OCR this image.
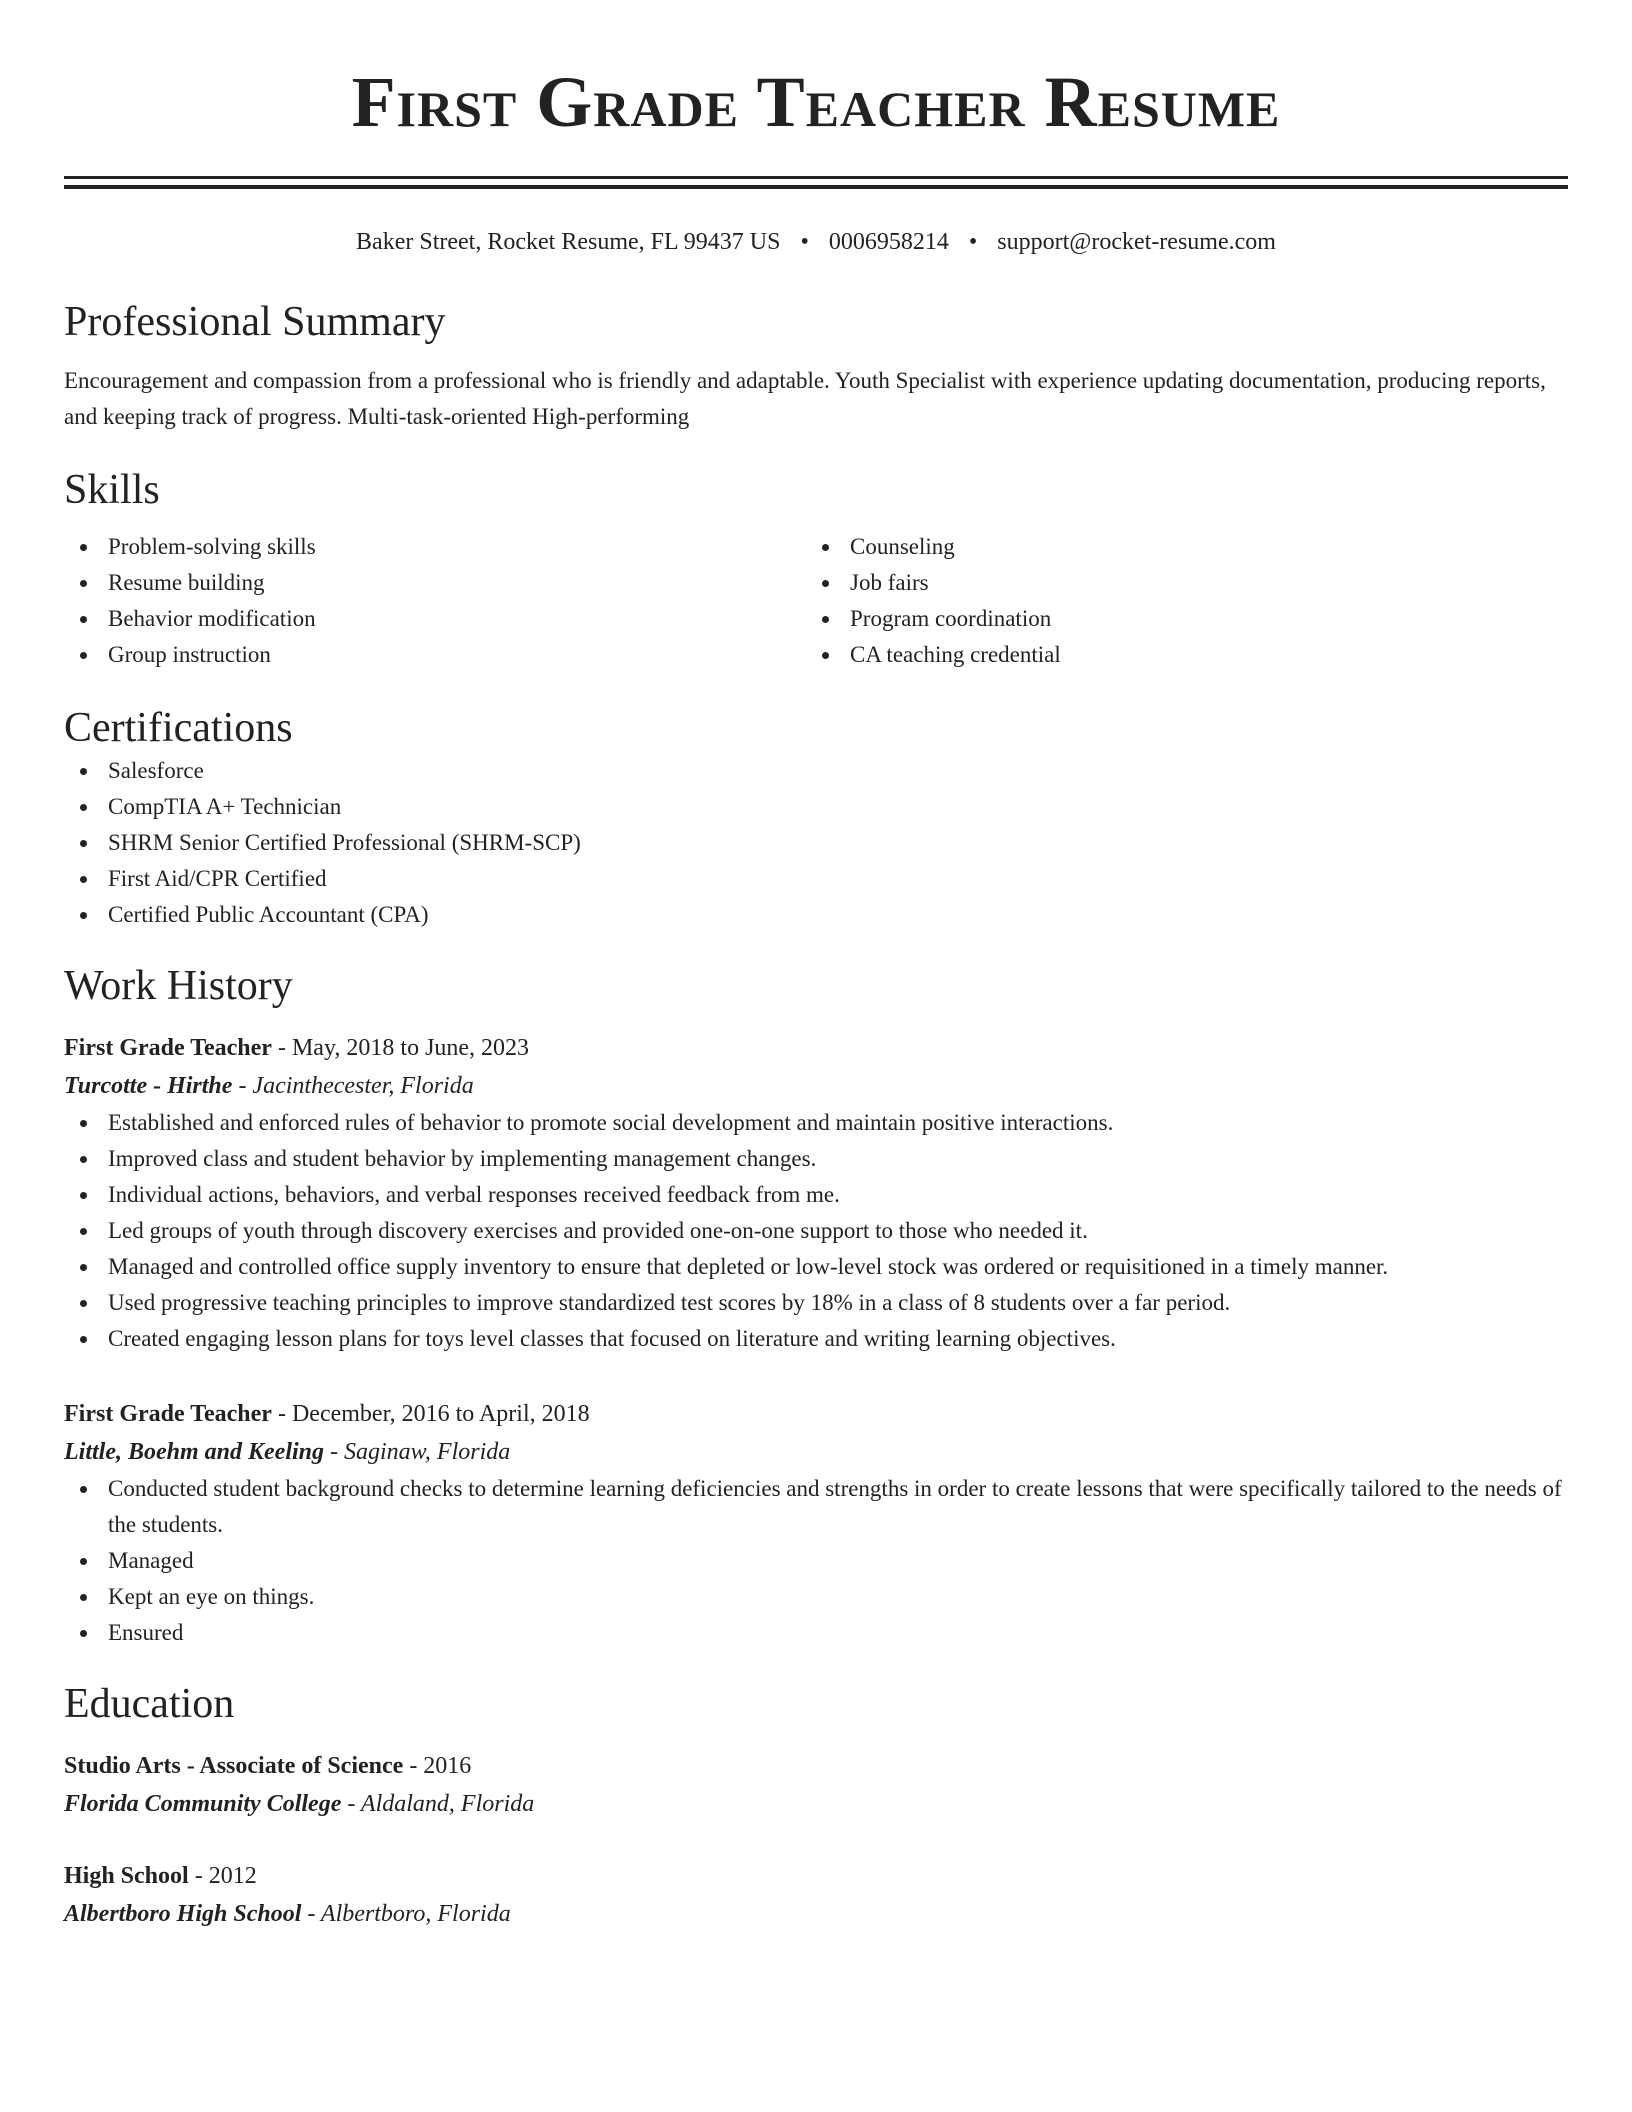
First Grade Teacher Resume
Baker Street, Rocket Resume, FL 99437 US • 0006958214 • support@rocket-resume.com
Professional Summary

Encouragement and compassion from a professional who is friendly and adaptable. Youth Specialist with experience updating documentation, producing reports, and keeping track of progress. Multi-task-oriented High-performing

Skills
Problem-solving skills
Resume building
Behavior modification
Group instruction
Counseling
Job fairs
Program coordination
CA teaching credential
Certifications
Salesforce
CompTIA A+ Technician
SHRM Senior Certified Professional (SHRM-SCP)
First Aid/CPR Certified
Certified Public Accountant (CPA)
Work History
First Grade Teacher - May, 2018 to June, 2023
Turcotte - Hirthe - Jacinthecester, Florida
Established and enforced rules of behavior to promote social development and maintain positive interactions.
Improved class and student behavior by implementing management changes.
Individual actions, behaviors, and verbal responses received feedback from me.
Led groups of youth through discovery exercises and provided one-on-one support to those who needed it.
Managed and controlled office supply inventory to ensure that depleted or low-level stock was ordered or requisitioned in a timely manner.
Used progressive teaching principles to improve standardized test scores by 18% in a class of 8 students over a far period.
Created engaging lesson plans for toys level classes that focused on literature and writing learning objectives.
First Grade Teacher - December, 2016 to April, 2018
Little, Boehm and Keeling - Saginaw, Florida
Conducted student background checks to determine learning deficiencies and strengths in order to create lessons that were specifically tailored to the needs of the students.
Managed
Kept an eye on things.
Ensured
Education
Studio Arts - Associate of Science - 2016
Florida Community College - Aldaland, Florida
High School - 2012
Albertboro High School - Albertboro, Florida
